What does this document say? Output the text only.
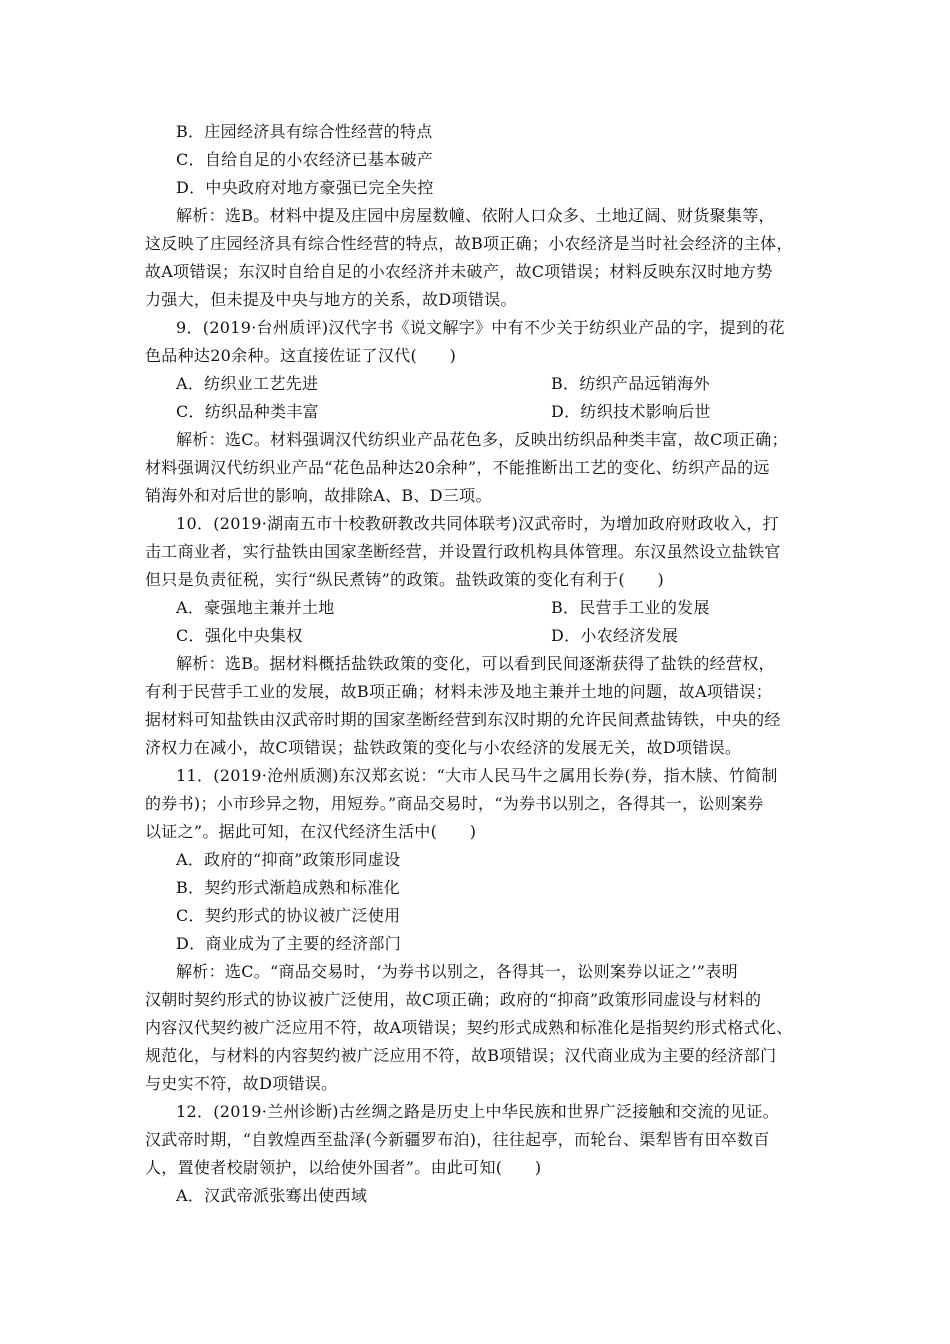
B．庄园经济具有综合性经营的特点
C．自给自足的小农经济已基本破产
D．中央政府对地方豪强已完全失控
解析：选B。材料中提及庄园中房屋数幢、依附人口众多、土地辽阔、财货聚集等，
这反映了庄园经济具有综合性经营的特点，故B项正确；小农经济是当时社会经济的主体，
故A项错误；东汉时自给自足的小农经济并未破产，故C项错误；材料反映东汉时地方势
力强大，但未提及中央与地方的关系，故D项错误。
9．(2019·台州质评)汉代字书《说文解字》中有不少关于纺织业产品的字，提到的花
色品种达20余种。这直接佐证了汉代(　　)
A．纺织业工艺先进	B．纺织产品远销海外
C．纺织品种类丰富	D．纺织技术影响后世
解析：选C。材料强调汉代纺织业产品花色多，反映出纺织品种类丰富，故C项正确；
材料强调汉代纺织业产品“花色品种达20余种”，不能推断出工艺的变化、纺织产品的远
销海外和对后世的影响，故排除A、B、D三项。
10．(2019·湖南五市十校教研教改共同体联考)汉武帝时，为增加政府财政收入，打
击工商业者，实行盐铁由国家垄断经营，并设置行政机构具体管理。东汉虽然设立盐铁官
但只是负责征税，实行“纵民煮铸”的政策。盐铁政策的变化有利于(　　)
A．豪强地主兼并土地	B．民营手工业的发展
C．强化中央集权	D．小农经济发展
解析：选B。据材料概括盐铁政策的变化，可以看到民间逐渐获得了盐铁的经营权，
有利于民营手工业的发展，故B项正确；材料未涉及地主兼并土地的问题，故A项错误；
据材料可知盐铁由汉武帝时期的国家垄断经营到东汉时期的允许民间煮盐铸铁，中央的经
济权力在减小，故C项错误；盐铁政策的变化与小农经济的发展无关，故D项错误。
11．(2019·沧州质测)东汉郑玄说：“大市人民马牛之属用长券(券，指木牍、竹简制
的券书)；小市珍异之物，用短券。”商品交易时，“为券书以别之，各得其一，讼则案券
以证之”。据此可知，在汉代经济生活中(　　)
A．政府的“抑商”政策形同虚设
B．契约形式渐趋成熟和标准化
C．契约形式的协议被广泛使用
D．商业成为了主要的经济部门
解析：选C。“商品交易时，‘为券书以别之，各得其一，讼则案券以证之’”表明
汉朝时契约形式的协议被广泛使用，故C项正确；政府的“抑商”政策形同虚设与材料的
内容汉代契约被广泛应用不符，故A项错误；契约形式成熟和标准化是指契约形式格式化、
规范化，与材料的内容契约被广泛应用不符，故B项错误；汉代商业成为主要的经济部门
与史实不符，故D项错误。
12．(2019·兰州诊断)古丝绸之路是历史上中华民族和世界广泛接触和交流的见证。
汉武帝时期，“自敦煌西至盐泽(今新疆罗布泊)，往往起亭，而轮台、渠犁皆有田卒数百
人，置使者校尉领护，以给使外国者”。由此可知(　　)
A．汉武帝派张骞出使西域
